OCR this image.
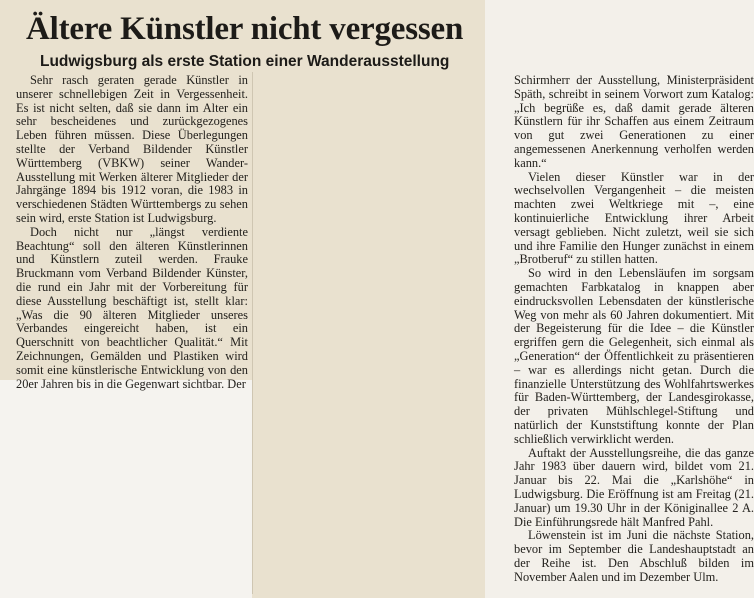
Ältere Künstler nicht vergessen
Ludwigsburg als erste Station einer Wanderausstellung

Sehr rasch geraten gerade Künstler in unserer schnellebigen Zeit in Vergessenheit. Es ist nicht selten, daß sie dann im Alter ein sehr bescheidenes und zurückgezogenes Leben führen müssen. Diese Überlegungen stellte der Verband Bildender Künstler Württemberg (VBKW) seiner Wander-Ausstellung mit Werken älterer Mitglieder der Jahrgänge 1894 bis 1912 voran, die 1983 in verschiedenen Städten Württembergs zu sehen sein wird, erste Station ist Ludwigsburg.

Doch nicht nur „längst verdiente Beachtung“ soll den älteren Künstlerinnen und Künstlern zuteil werden. Frauke Bruckmann vom Verband Bildender Künster, die rund ein Jahr mit der Vorbereitung für diese Ausstellung beschäftigt ist, stellt klar: „Was die 90 älteren Mitglieder unseres Verbandes eingereicht haben, ist ein Querschnitt von beachtlicher Qualität.“ Mit Zeichnungen, Gemälden und Plastiken wird somit eine künstlerische Entwicklung von den 20er Jahren bis in die Gegenwart sichtbar. Der

Schirmherr der Ausstellung, Ministerpräsident Späth, schreibt in seinem Vorwort zum Katalog: „Ich begrüße es, daß damit gerade älteren Künstlern für ihr Schaffen aus einem Zeitraum von gut zwei Generationen zu einer angemessenen Anerkennung verholfen werden kann.“

Vielen dieser Künstler war in der wechselvollen Vergangenheit – die meisten machten zwei Weltkriege mit –, eine kontinuierliche Entwicklung ihrer Arbeit versagt geblieben. Nicht zuletzt, weil sie sich und ihre Familie den Hunger zunächst in einem „Brotberuf“ zu stillen hatten.

So wird in den Lebensläufen im sorgsam gemachten Farbkatalog in knappen aber eindrucksvollen Lebensdaten der künstlerische Weg von mehr als 60 Jahren dokumentiert. Mit der Begeisterung für die Idee – die Künstler ergriffen gern die Gelegenheit, sich einmal als „Generation“ der Öffentlichkeit zu präsentieren – war es allerdings nicht getan. Durch die finanzielle Unterstützung des Wohlfahrtswerkes für Baden-Württemberg, der Landesgirokasse, der privaten Mühlschlegel-Stiftung und natürlich der Kunststiftung konnte der Plan schließlich verwirklicht werden.

Auftakt der Ausstellungsreihe, die das ganze Jahr 1983 über dauern wird, bildet vom 21. Januar bis 22. Mai die „Karlshöhe“ in Ludwigsburg. Die Eröffnung ist am Freitag (21. Januar) um 19.30 Uhr in der Königinallee 2 A. Die Einführungsrede hält Manfred Pahl.

Löwenstein ist im Juni die nächste Station, bevor im September die Landeshauptstadt an der Reihe ist. Den Abschluß bilden im November Aalen und im Dezember Ulm.
